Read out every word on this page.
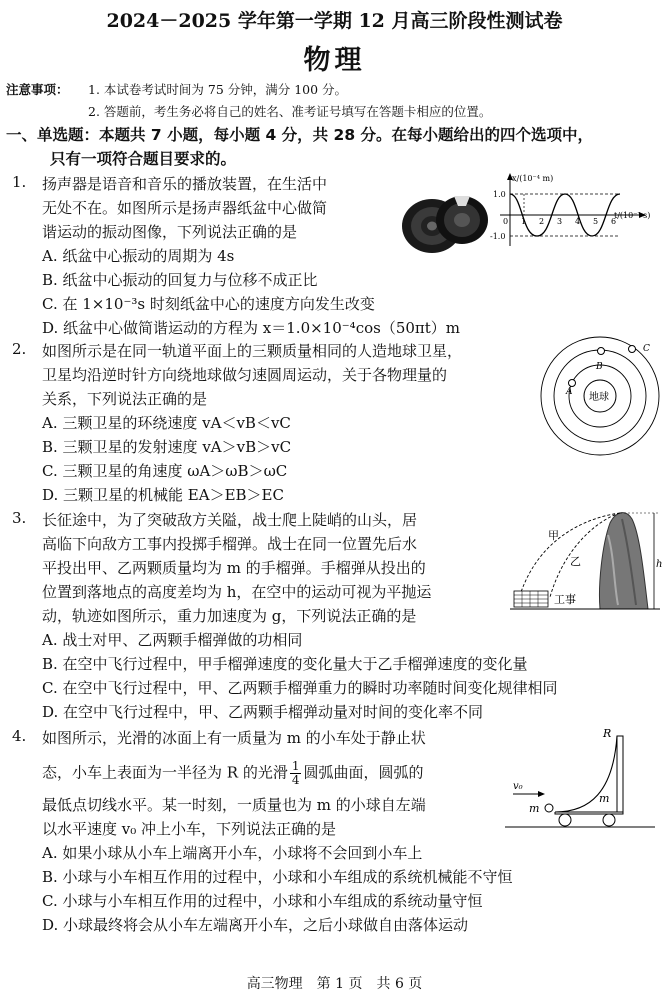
2024－2025 学年第一学期 12 月高三阶段性测试卷
物理
注意事项： 1. 本试卷考试时间为 75 分钟，满分 100 分。
2. 答题前，考生务必将自己的姓名、准考证号填写在答题卡相应的位置。
一、单选题：本题共 7 小题，每小题 4 分，共 28 分。在每小题给出的四个选项中，
只有一项符合题目要求的。
1. 扬声器是语音和音乐的播放装置，在生活中
无处不在。如图所示是扬声器纸盆中心做简
谐运动的振动图像，下列说法正确的是
A. 纸盆中心振动的周期为 4s
B. 纸盆中心振动的回复力与位移不成正比
C. 在 1×10⁻³s 时刻纸盆中心的速度方向发生改变
D. 纸盆中心做简谐运动的方程为 x＝1.0×10⁻⁴cos（50πt）m
x/(10⁻⁴ m)
t/(10⁻³ s)
1.0
-1.0
0 1 2 3 4 5 6
2. 如图所示是在同一轨道平面上的三颗质量相同的人造地球卫星，
卫星均沿逆时针方向绕地球做匀速圆周运动，关于各物理量的
关系，下列说法正确的是
A. 三颗卫星的环绕速度 vA＜vB＜vC
B. 三颗卫星的发射速度 vA＞vB＞vC
C. 三颗卫星的角速度 ωA＞ωB＞ωC
D. 三颗卫星的机械能 EA＞EB＞EC
地球
A
B
C
3. 长征途中，为了突破敌方关隘，战士爬上陡峭的山头，居
高临下向敌方工事内投掷手榴弹。战士在同一位置先后水
平投出甲、乙两颗质量均为 m 的手榴弹。手榴弹从投出的
位置到落地点的高度差均为 h，在空中的运动可视为平抛运
动，轨迹如图所示，重力加速度为 g，下列说法正确的是
A. 战士对甲、乙两颗手榴弹做的功相同
B. 在空中飞行过程中，甲手榴弹速度的变化量大于乙手榴弹速度的变化量
C. 在空中飞行过程中，甲、乙两颗手榴弹重力的瞬时功率随时间变化规律相同
D. 在空中飞行过程中，甲、乙两颗手榴弹动量对时间的变化率不同
h
甲
乙
工事
4. 如图所示，光滑的冰面上有一质量为 m 的小车处于静止状
态，小车上表面为一半径为 R 的光滑 $\frac{1}{4}$ 圆弧曲面，圆弧的
最低点切线水平。某一时刻，一质量也为 m 的小球自左端
以水平速度 v₀ 冲上小车，下列说法正确的是
A. 如果小球从小车上端离开小车，小球将不会回到小车上
B. 小球与小车相互作用的过程中，小球和小车组成的系统机械能不守恒
C. 小球与小车相互作用的过程中，小球和小车组成的系统动量守恒
D. 小球最终将会从小车左端离开小车，之后小球做自由落体运动
v₀
m
m
R
高三物理　第 1 页　共 6 页
